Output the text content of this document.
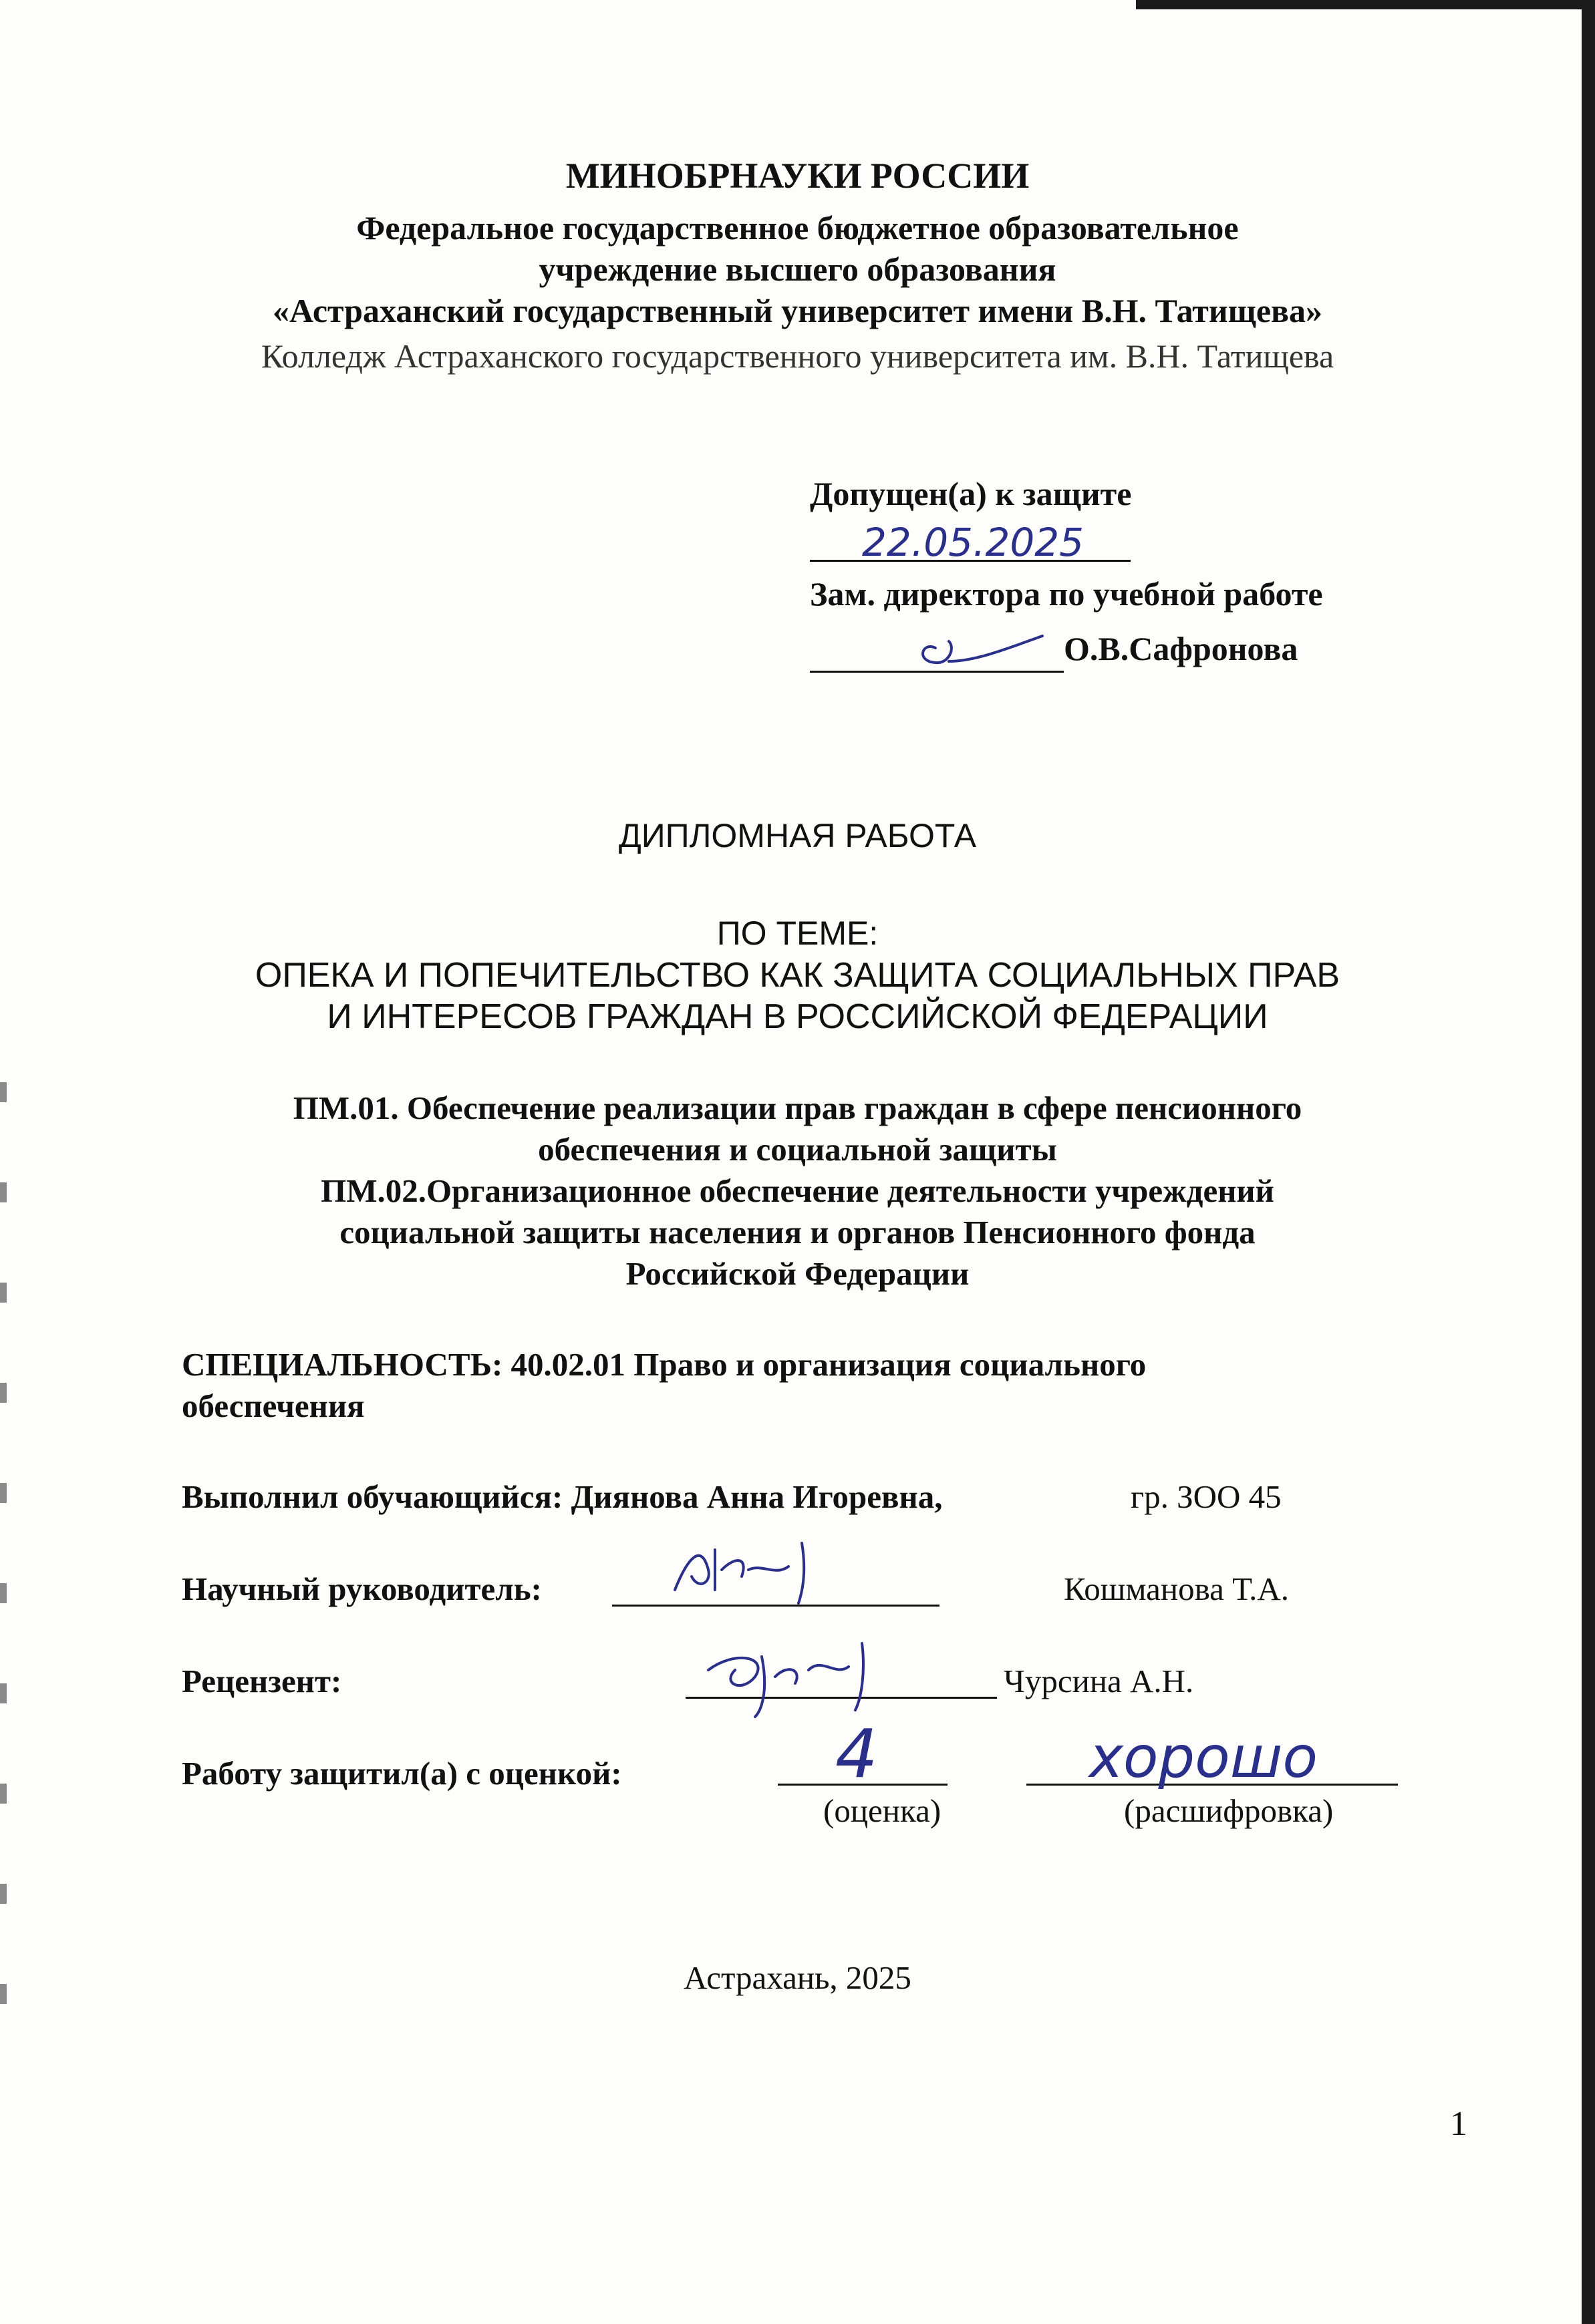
МИНОБРНАУКИ РОССИИ
Федеральное государственное бюджетное образовательное
учреждение высшего образования
«Астраханский государственный университет имени В.Н. Татищева»
Колледж Астраханского государственного университета им. В.Н. Татищева
Допущен(а) к защите
22.05.2025
Зам. директора по учебной работе
О.В.Сафронова
ДИПЛОМНАЯ РАБОТА
ПО ТЕМЕ:
ОПЕКА И ПОПЕЧИТЕЛЬСТВО КАК ЗАЩИТА СОЦИАЛЬНЫХ ПРАВ
И ИНТЕРЕСОВ ГРАЖДАН В РОССИЙСКОЙ ФЕДЕРАЦИИ
ПМ.01. Обеспечение реализации прав граждан в сфере пенсионного
обеспечения и социальной защиты
ПМ.02.Организационное обеспечение деятельности учреждений
социальной защиты населения и органов Пенсионного фонда
Российской Федерации
СПЕЦИАЛЬНОСТЬ: 40.02.01 Право и организация социального
обеспечения
Выполнил обучающийся: Диянова Анна Игоревна,	гр. ЗОО 45
Научный руководитель:	Кошманова Т.А.
Рецензент:	Чурсина А.Н.
Работу защитил(а) с оценкой:	4	хорошо
(оценка)	(расшифровка)
Астрахань, 2025
1
